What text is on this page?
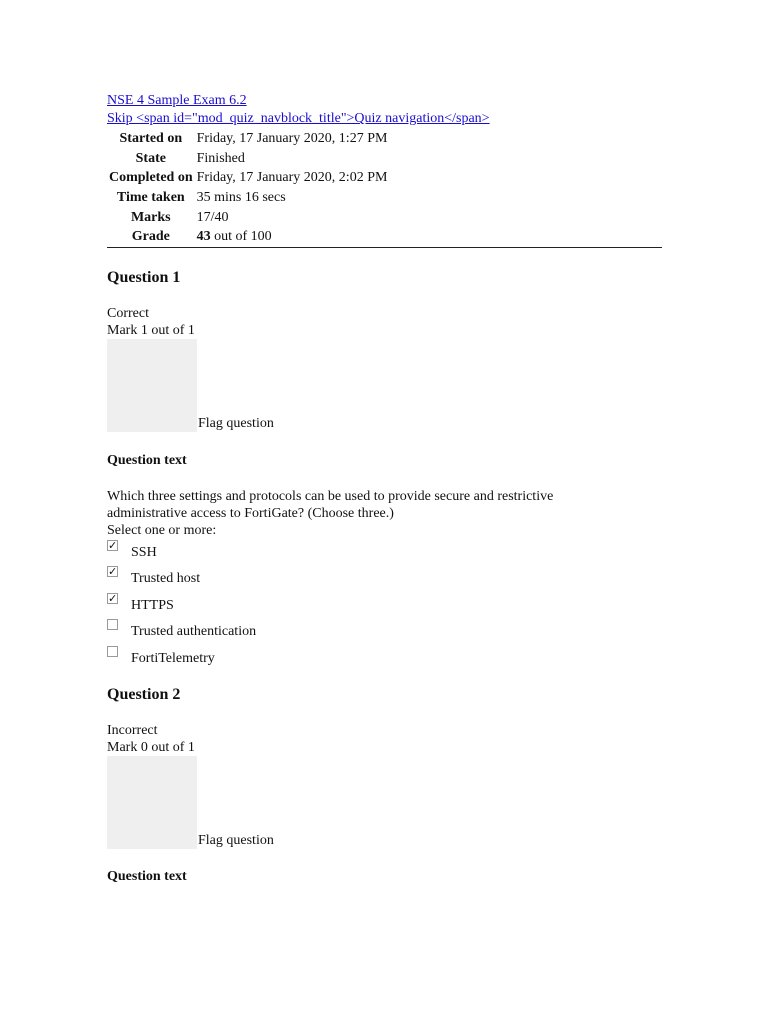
NSE 4 Sample Exam 6.2
Skip <span id="mod_quiz_navblock_title">Quiz navigation</span>
Started on	Friday, 17 January 2020, 1:27 PM
State	Finished
Completed on	Friday, 17 January 2020, 2:02 PM
Time taken	35 mins 16 secs
Marks	17/40
Grade	43 out of 100
Question 1
Correct
Mark 1 out of 1
Flag question
Question text
Which three settings and protocols can be used to provide secure and restrictive administrative access to FortiGate? (Choose three.)
Select one or more:
✓ SSH
✓ Trusted host
✓ HTTPS
Trusted authentication
FortiTelemetry
Question 2
Incorrect
Mark 0 out of 1
Flag question
Question text
